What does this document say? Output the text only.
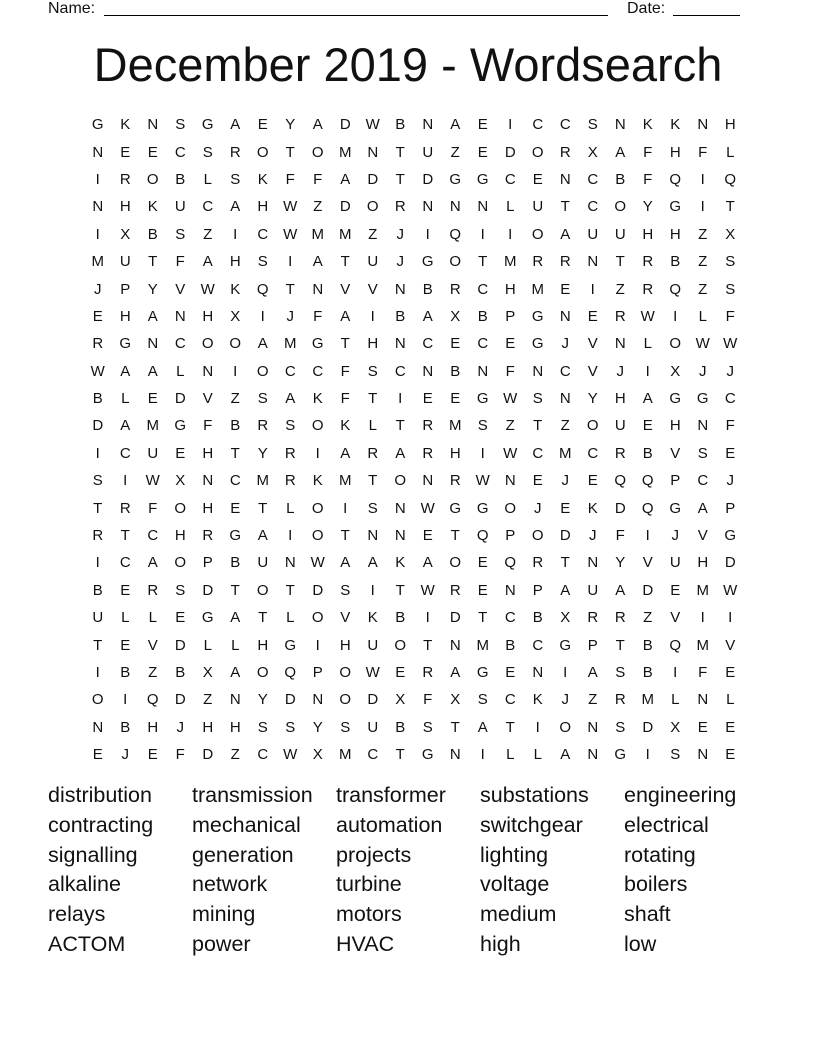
Name:	Date:
December 2019 - Wordsearch
G	K	N	S	G	A	E	Y	A	D	W	B	N	A	E	I	C	C	S	N	K	K	N	H
N	E	E	C	S	R	O	T	O	M	N	T	U	Z	E	D	O	R	X	A	F	H	F	L
I	R	O	B	L	S	K	F	F	A	D	T	D	G	G	C	E	N	C	B	F	Q	I	Q
N	H	K	U	C	A	H	W	Z	D	O	R	N	N	N	L	U	T	C	O	Y	G	I	T
I	X	B	S	Z	I	C	W	M	M	Z	J	I	Q	I	I	O	A	U	U	H	H	Z	X
M	U	T	F	A	H	S	I	A	T	U	J	G	O	T	M	R	R	N	T	R	B	Z	S
J	P	Y	V	W	K	Q	T	N	V	V	N	B	R	C	H	M	E	I	Z	R	Q	Z	S
E	H	A	N	H	X	I	J	F	A	I	B	A	X	B	P	G	N	E	R	W	I	L	F
R	G	N	C	O	O	A	M	G	T	H	N	C	E	C	E	G	J	V	N	L	O	W	W
W	A	A	L	N	I	O	C	C	F	S	C	N	B	N	F	N	C	V	J	I	X	J	J
B	L	E	D	V	Z	S	A	K	F	T	I	E	E	G	W	S	N	Y	H	A	G	G	C
D	A	M	G	F	B	R	S	O	K	L	T	R	M	S	Z	T	Z	O	U	E	H	N	F
I	C	U	E	H	T	Y	R	I	A	R	A	R	H	I	W	C	M	C	R	B	V	S	E
S	I	W	X	N	C	M	R	K	M	T	O	N	R	W	N	E	J	E	Q	Q	P	C	J
T	R	F	O	H	E	T	L	O	I	S	N	W	G	G	O	J	E	K	D	Q	G	A	P
R	T	C	H	R	G	A	I	O	T	N	N	E	T	Q	P	O	D	J	F	I	J	V	G
I	C	A	O	P	B	U	N	W	A	A	K	A	O	E	Q	R	T	N	Y	V	U	H	D
B	E	R	S	D	T	O	T	D	S	I	T	W	R	E	N	P	A	U	A	D	E	M	W
U	L	L	E	G	A	T	L	O	V	K	B	I	D	T	C	B	X	R	R	Z	V	I	I
T	E	V	D	L	L	H	G	I	H	U	O	T	N	M	B	C	G	P	T	B	Q	M	V
I	B	Z	B	X	A	O	Q	P	O	W	E	R	A	G	E	N	I	A	S	B	I	F	E
O	I	Q	D	Z	N	Y	D	N	O	D	X	F	X	S	C	K	J	Z	R	M	L	N	L
N	B	H	J	H	H	S	S	Y	S	U	B	S	T	A	T	I	O	N	S	D	X	E	E
E	J	E	F	D	Z	C	W	X	M	C	T	G	N	I	L	L	A	N	G	I	S	N	E
distribution	transmission	transformer	substations	engineering
contracting	mechanical	automation	switchgear	electrical
signalling	generation	projects	lighting	rotating
alkaline	network	turbine	voltage	boilers
relays	mining	motors	medium	shaft
ACTOM	power	HVAC	high	low
